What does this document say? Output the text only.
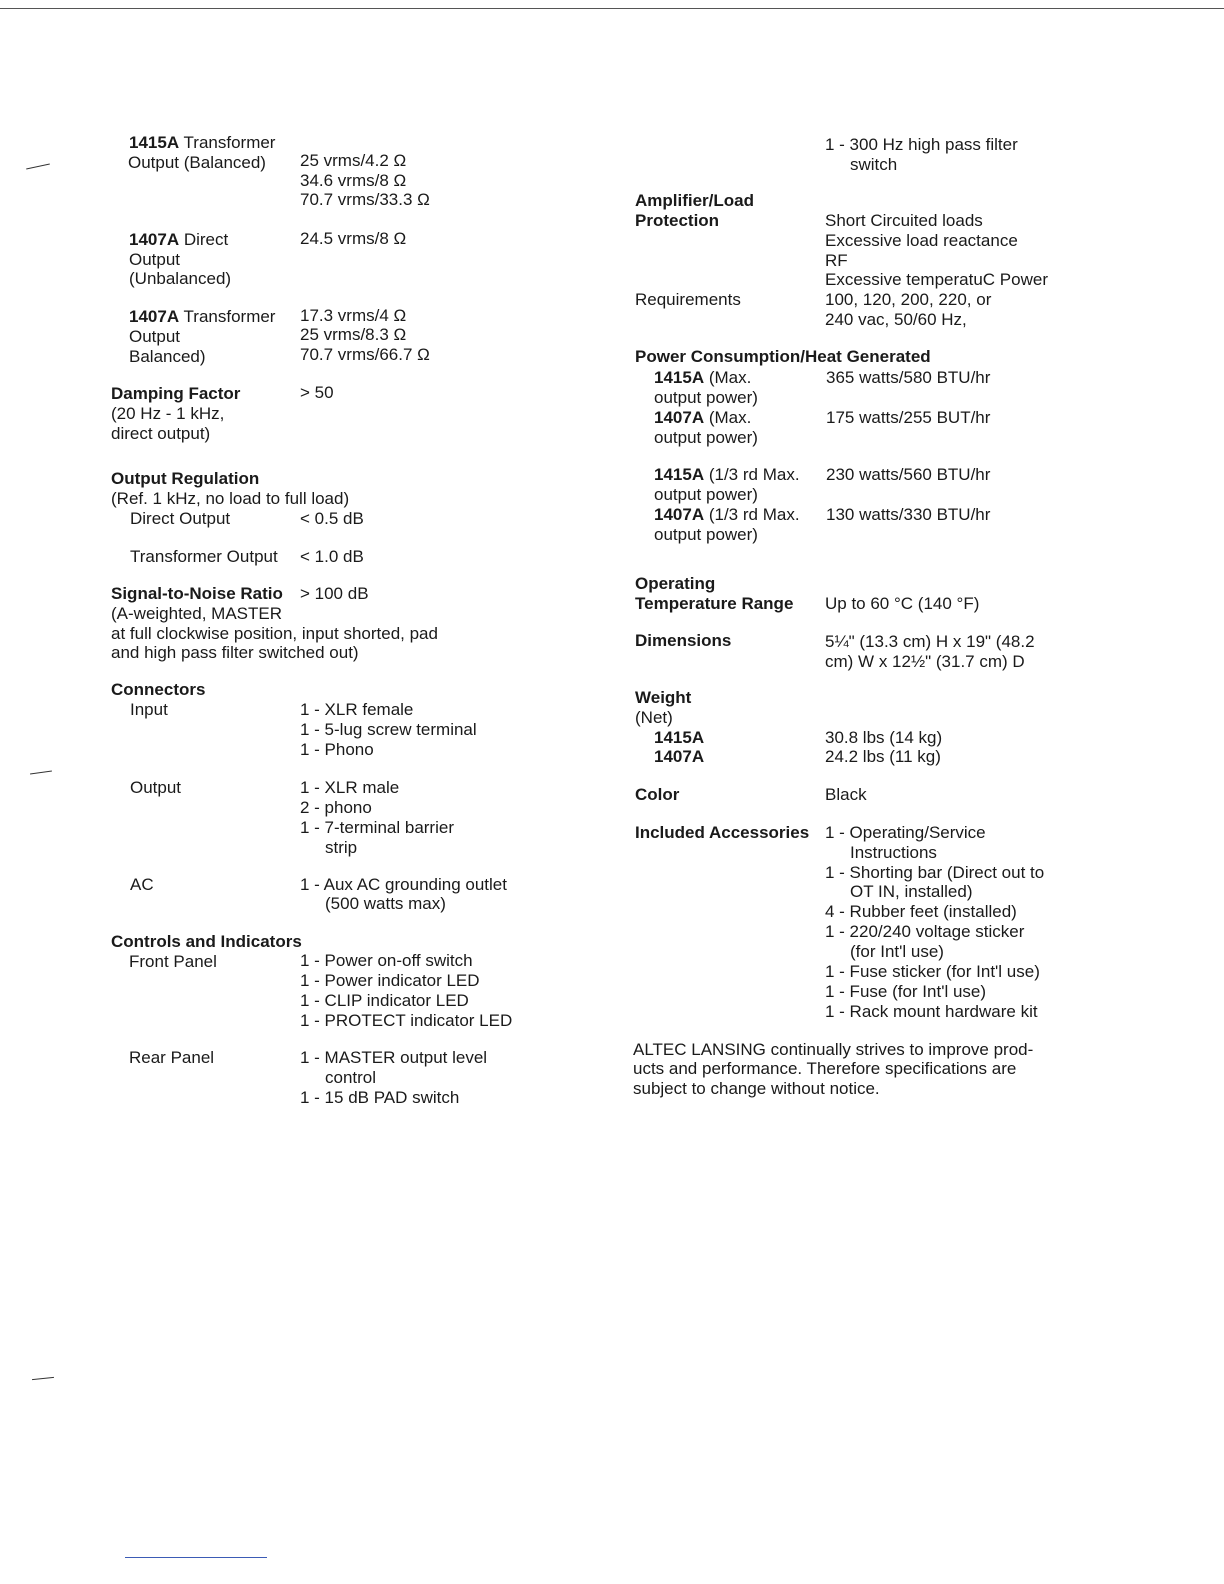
1415A Transformer
Output (Balanced) 25 vrms/4.2 Ω
34.6 vrms/8 Ω
70.7 vrms/33.3 Ω
1407A Direct	24.5 vrms/8 Ω
Output
(Unbalanced)
1407A Transformer 17.3 vrms/4 Ω
Output	25 vrms/8.3 Ω
Balanced)	70.7 vrms/66.7 Ω
Damping Factor	> 50
(20 Hz - 1 kHz,
direct output)
Output Regulation
(Ref. 1 kHz, no load to full load)
Direct Output	< 0.5 dB
Transformer Output < 1.0 dB
Signal-to-Noise Ratio > 100 dB
(A-weighted, MASTER
at full clockwise position, input shorted, pad
and high pass filter switched out)
Connectors
Input	1 - XLR female
1 - 5-lug screw terminal
1 - Phono
Output	1 - XLR male
2 - phono
1 - 7-terminal barrier
strip
AC	1 - Aux AC grounding outlet
(500 watts max)
Controls and Indicators
Front Panel	1 - Power on-off switch
1 - Power indicator LED
1 - CLIP indicator LED
1 - PROTECT indicator LED
Rear Panel	1 - MASTER output level
control
1 - 15 dB PAD switch
1 - 300 Hz high pass filter
switch
Amplifier/Load
Protection	Short Circuited loads
Excessive load reactance
RF
Excessive temperatuC Power
Requirements	100, 120, 200, 220, or
240 vac, 50/60 Hz,
Power Consumption/Heat Generated
1415A (Max.	365 watts/580 BTU/hr
output power)
1407A (Max.	175 watts/255 BUT/hr
output power)
1415A (1/3 rd Max. 230 watts/560 BTU/hr
output power)
1407A (1/3 rd Max. 130 watts/330 BTU/hr
output power)
Operating
Temperature Range Up to 60 °C (140 °F)
Dimensions	5¼" (13.3 cm) H x 19" (48.2
cm) W x 12½" (31.7 cm) D
Weight
(Net)
1415A	30.8 lbs (14 kg)
1407A	24.2 lbs (11 kg)
Color	Black
Included Accessories 1 - Operating/Service
Instructions
1 - Shorting bar (Direct out to
OT IN, installed)
4 - Rubber feet (installed)
1 - 220/240 voltage sticker
(for Int'l use)
1 - Fuse sticker (for Int'l use)
1 - Fuse (for Int'l use)
1 - Rack mount hardware kit
ALTEC LANSING continually strives to improve prod-
ucts and performance. Therefore specifications are
subject to change without notice.
